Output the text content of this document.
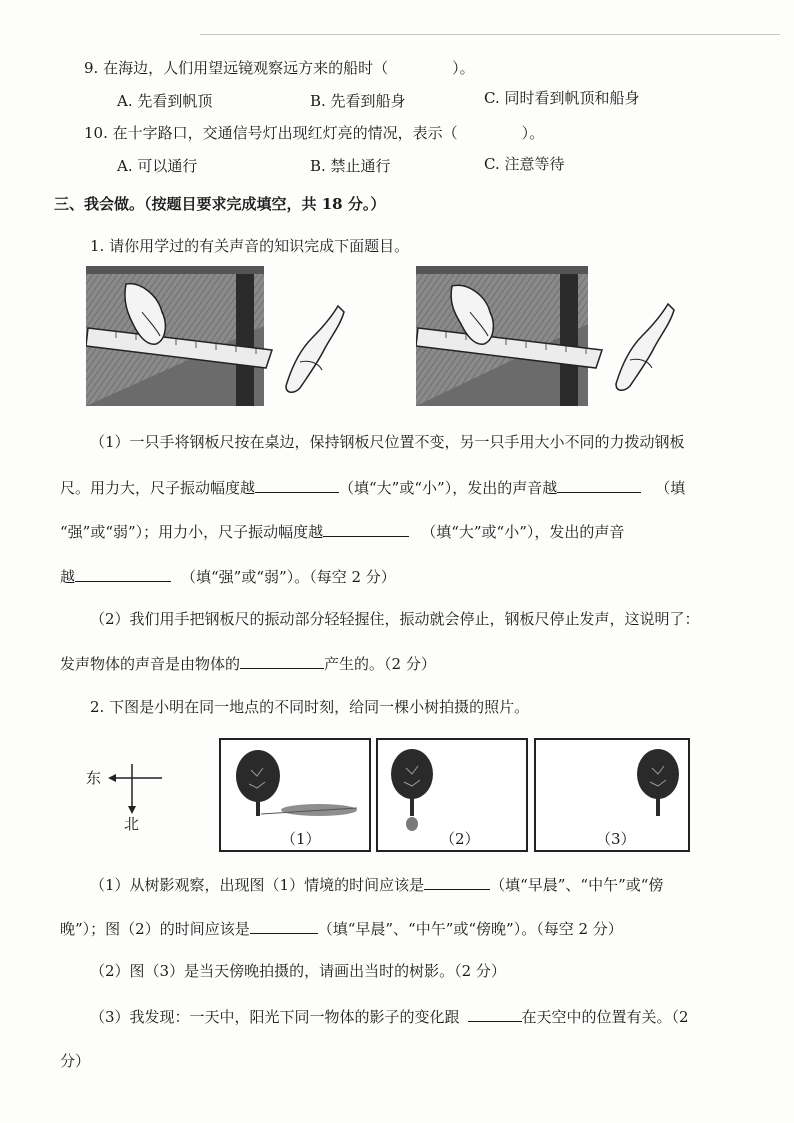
9. 在海边，人们用望远镜观察远方来的船时（	）。
A. 先看到帆顶	B. 先看到船身	C. 同时看到帆顶和船身
10. 在十字路口，交通信号灯出现红灯亮的情况，表示（	）。
A. 可以通行	B. 禁止通行	C. 注意等待
三、我会做。（按题目要求完成填空，共 18 分。）
1. 请你用学过的有关声音的知识完成下面题目。
（1）一只手将钢板尺按在桌边，保持钢板尺位置不变，另一只手用大小不同的力拨动钢板
尺。用力大，尺子振动幅度越	（填“大”或“小”），发出的声音越	（填
“强”或“弱”）；用力小，尺子振动幅度越	（填“大”或“小”），发出的声音
越	（填“强”或“弱”）。（每空 2 分）
（2）我们用手把钢板尺的振动部分轻轻握住，振动就会停止，钢板尺停止发声，这说明了：
发声物体的声音是由物体的	产生的。（2 分）
2. 下图是小明在同一地点的不同时刻，给同一棵小树拍摄的照片。
东
北
（1）	（2）	（3）
（1）从树影观察，出现图（1）情境的时间应该是	（填“早晨”、“中午”或“傍
晚”）；图（2）的时间应该是	（填“早晨”、“中午”或“傍晚”）。（每空 2 分）
（2）图（3）是当天傍晚拍摄的，请画出当时的树影。（2 分）
（3）我发现：一天中，阳光下同一物体的影子的变化跟	在天空中的位置有关。（2
分）
